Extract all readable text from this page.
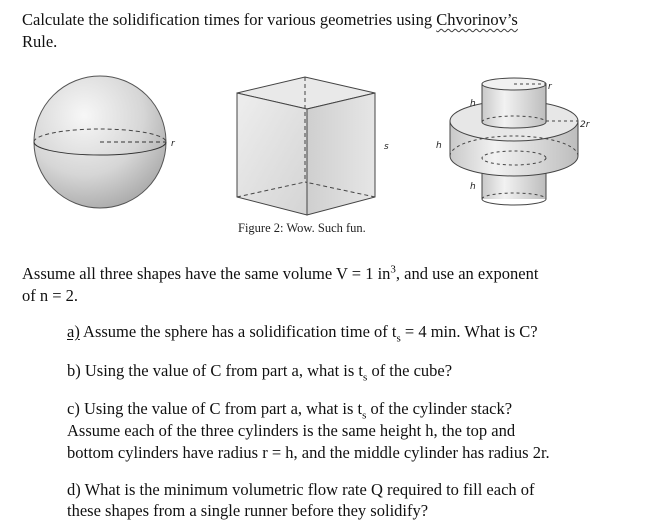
Calculate the solidification times for various geometries using Chvorinov’s
Rule.
r	s
r
h
2r
h
h
Figure 2: Wow. Such fun.
Assume all three shapes have the same volume V = 1 $in^3$, and use an exponent
of n = 2.
a) Assume the sphere has a solidification time of $t_s = 4$ min. What is C?
b) Using the value of C from part a, what is $t_s$ of the cube?
c) Using the value of C from part a, what is $t_s$ of the cylinder stack?
Assume each of the three cylinders is the same height h, the top and
bottom cylinders have radius r = h, and the middle cylinder has radius 2r.
d) What is the minimum volumetric flow rate Q required to fill each of
these shapes from a single runner before they solidify?
